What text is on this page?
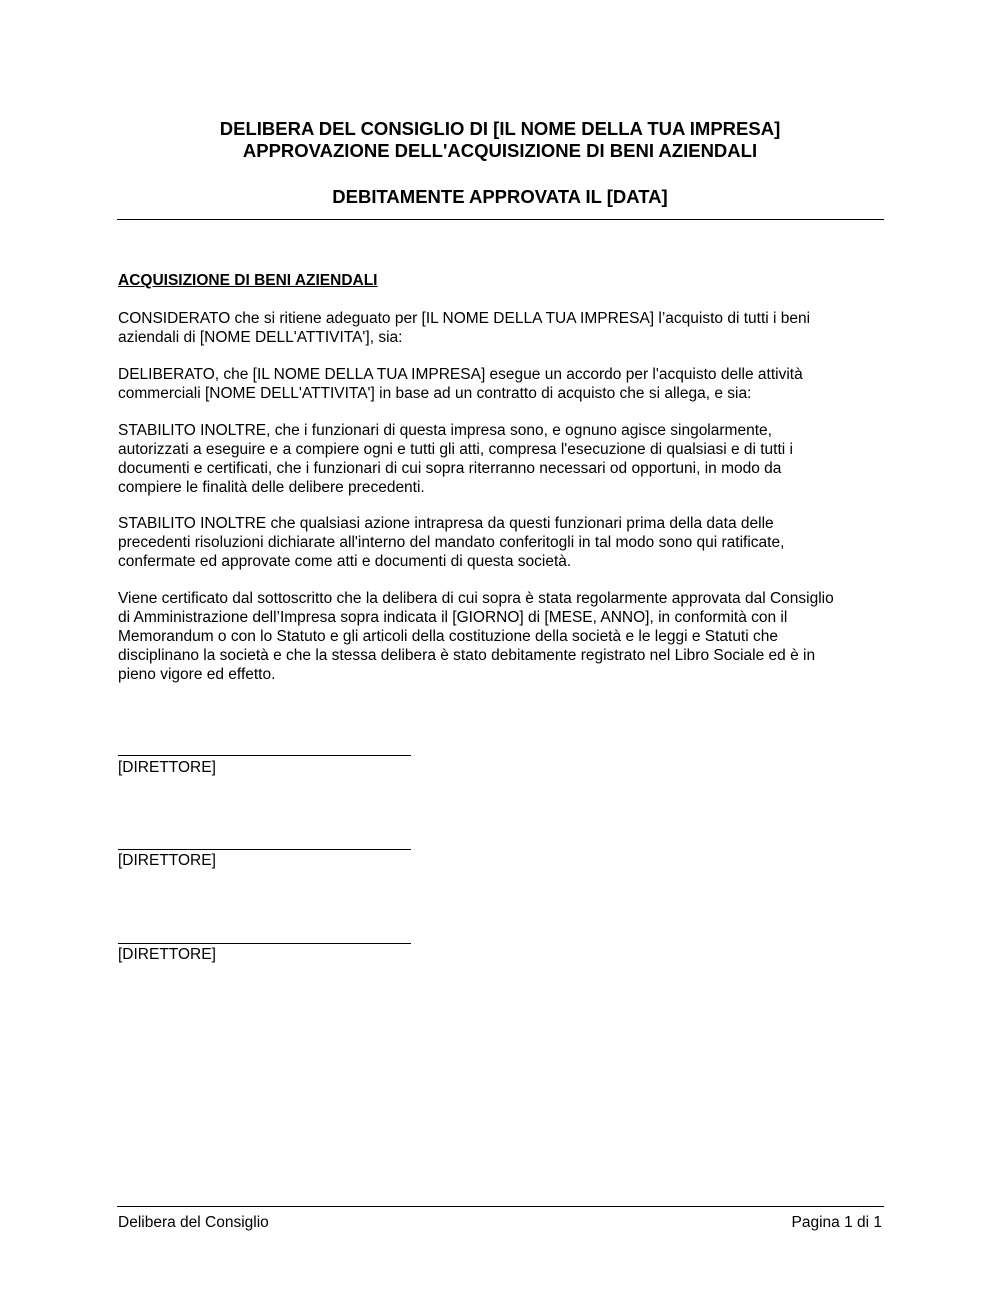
DELIBERA DEL CONSIGLIO DI [IL NOME DELLA TUA IMPRESA]
APPROVAZIONE DELL'ACQUISIZIONE DI BENI AZIENDALI
DEBITAMENTE APPROVATA IL [DATA]
ACQUISIZIONE DI BENI AZIENDALI
CONSIDERATO che si ritiene adeguato per [IL NOME DELLA TUA IMPRESA] l’acquisto di tutti i beni
aziendali di [NOME DELL'ATTIVITA'], sia:
DELIBERATO, che [IL NOME DELLA TUA IMPRESA] esegue un accordo per l'acquisto delle attività
commerciali [NOME DELL'ATTIVITA'] in base ad un contratto di acquisto che si allega, e sia:
STABILITO INOLTRE, che i funzionari di questa impresa sono, e ognuno agisce singolarmente,
autorizzati a eseguire e a compiere ogni e tutti gli atti, compresa l'esecuzione di qualsiasi e di tutti i
documenti e certificati, che i funzionari di cui sopra riterranno necessari od opportuni, in modo da
compiere le finalità delle delibere precedenti.
STABILITO INOLTRE che qualsiasi azione intrapresa da questi funzionari prima della data delle
precedenti risoluzioni dichiarate all'interno del mandato conferitogli in tal modo sono qui ratificate,
confermate ed approvate come atti e documenti di questa società.
Viene certificato dal sottoscritto che la delibera di cui sopra è stata regolarmente approvata dal Consiglio
di Amministrazione dell’Impresa sopra indicata il [GIORNO] di [MESE, ANNO], in conformità con il
Memorandum o con lo Statuto e gli articoli della costituzione della società e le leggi e Statuti che
disciplinano la società e che la stessa delibera è stato debitamente registrato nel Libro Sociale ed è in
pieno vigore ed effetto.
[DIRETTORE]
[DIRETTORE]
[DIRETTORE]
Delibera del Consiglio	Pagina 1 di 1
